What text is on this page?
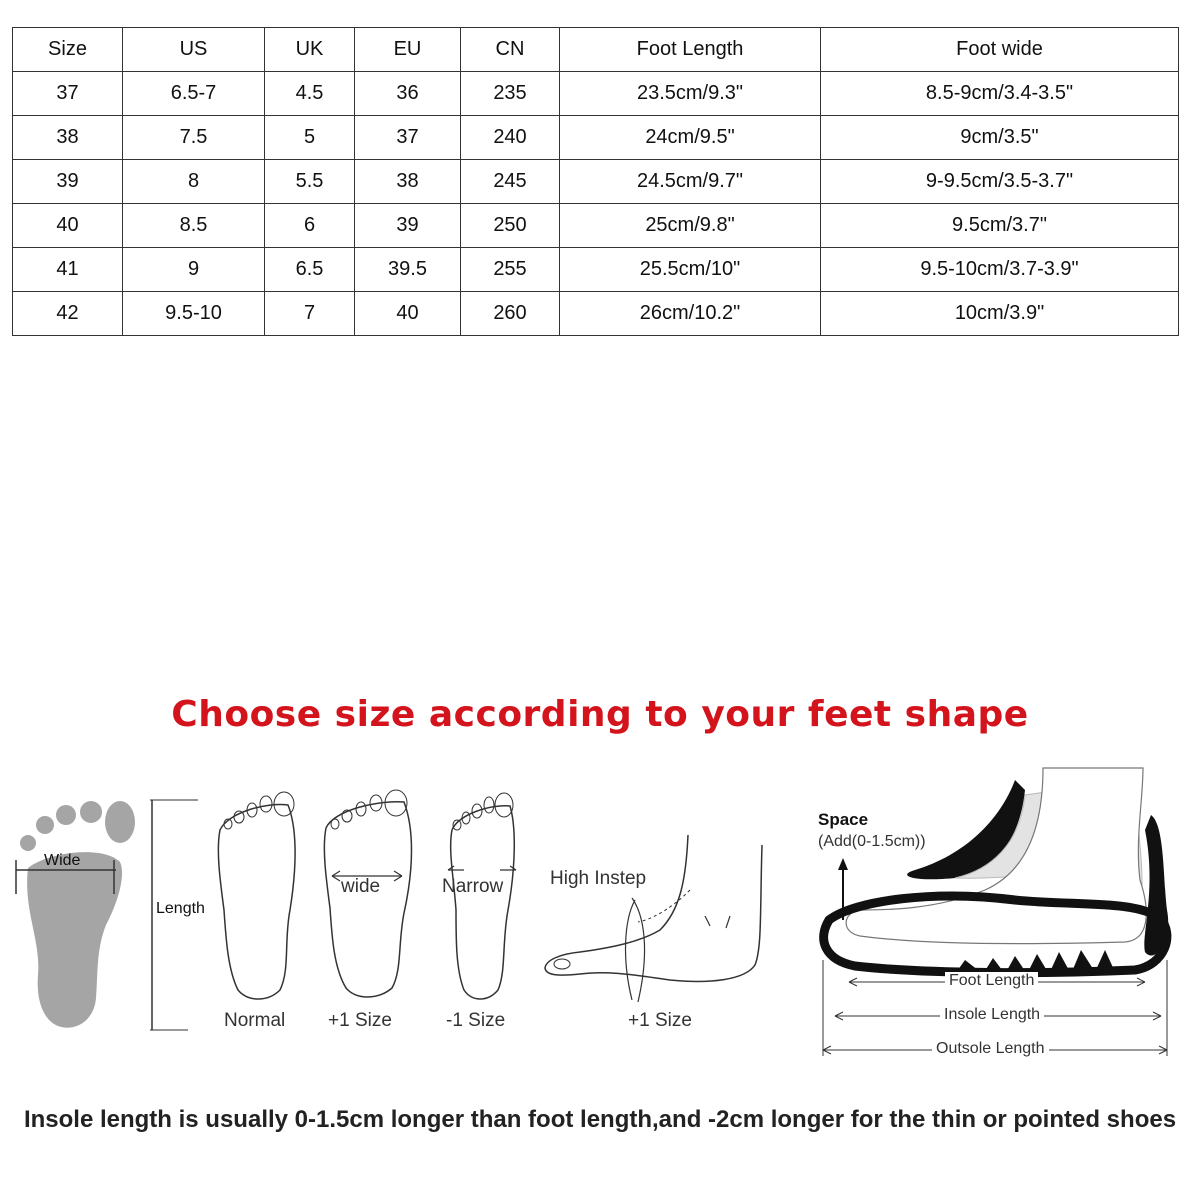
Size	US	UK	EU	CN	Foot Length	Foot wide
37	6.5-7	4.5	36	235	23.5cm/9.3"	8.5-9cm/3.4-3.5"
38	7.5	5	37	240	24cm/9.5"	9cm/3.5"
39	8	5.5	38	245	24.5cm/9.7"	9-9.5cm/3.5-3.7"
40	8.5	6	39	250	25cm/9.8"	9.5cm/3.7"
41	9	6.5	39.5	255	25.5cm/10"	9.5-10cm/3.7-3.9"
42	9.5-10	7	40	260	26cm/10.2"	10cm/3.9"
Choose size according to your feet shape
Wide
Length
Normal
wide
+1 Size
Narrow
-1 Size
High Instep
+1 Size
Space
(Add(0-1.5cm))
Foot Length
Insole Length
Outsole Length
Insole length is usually 0-1.5cm longer than foot length,and -2cm longer for the thin or pointed shoes
